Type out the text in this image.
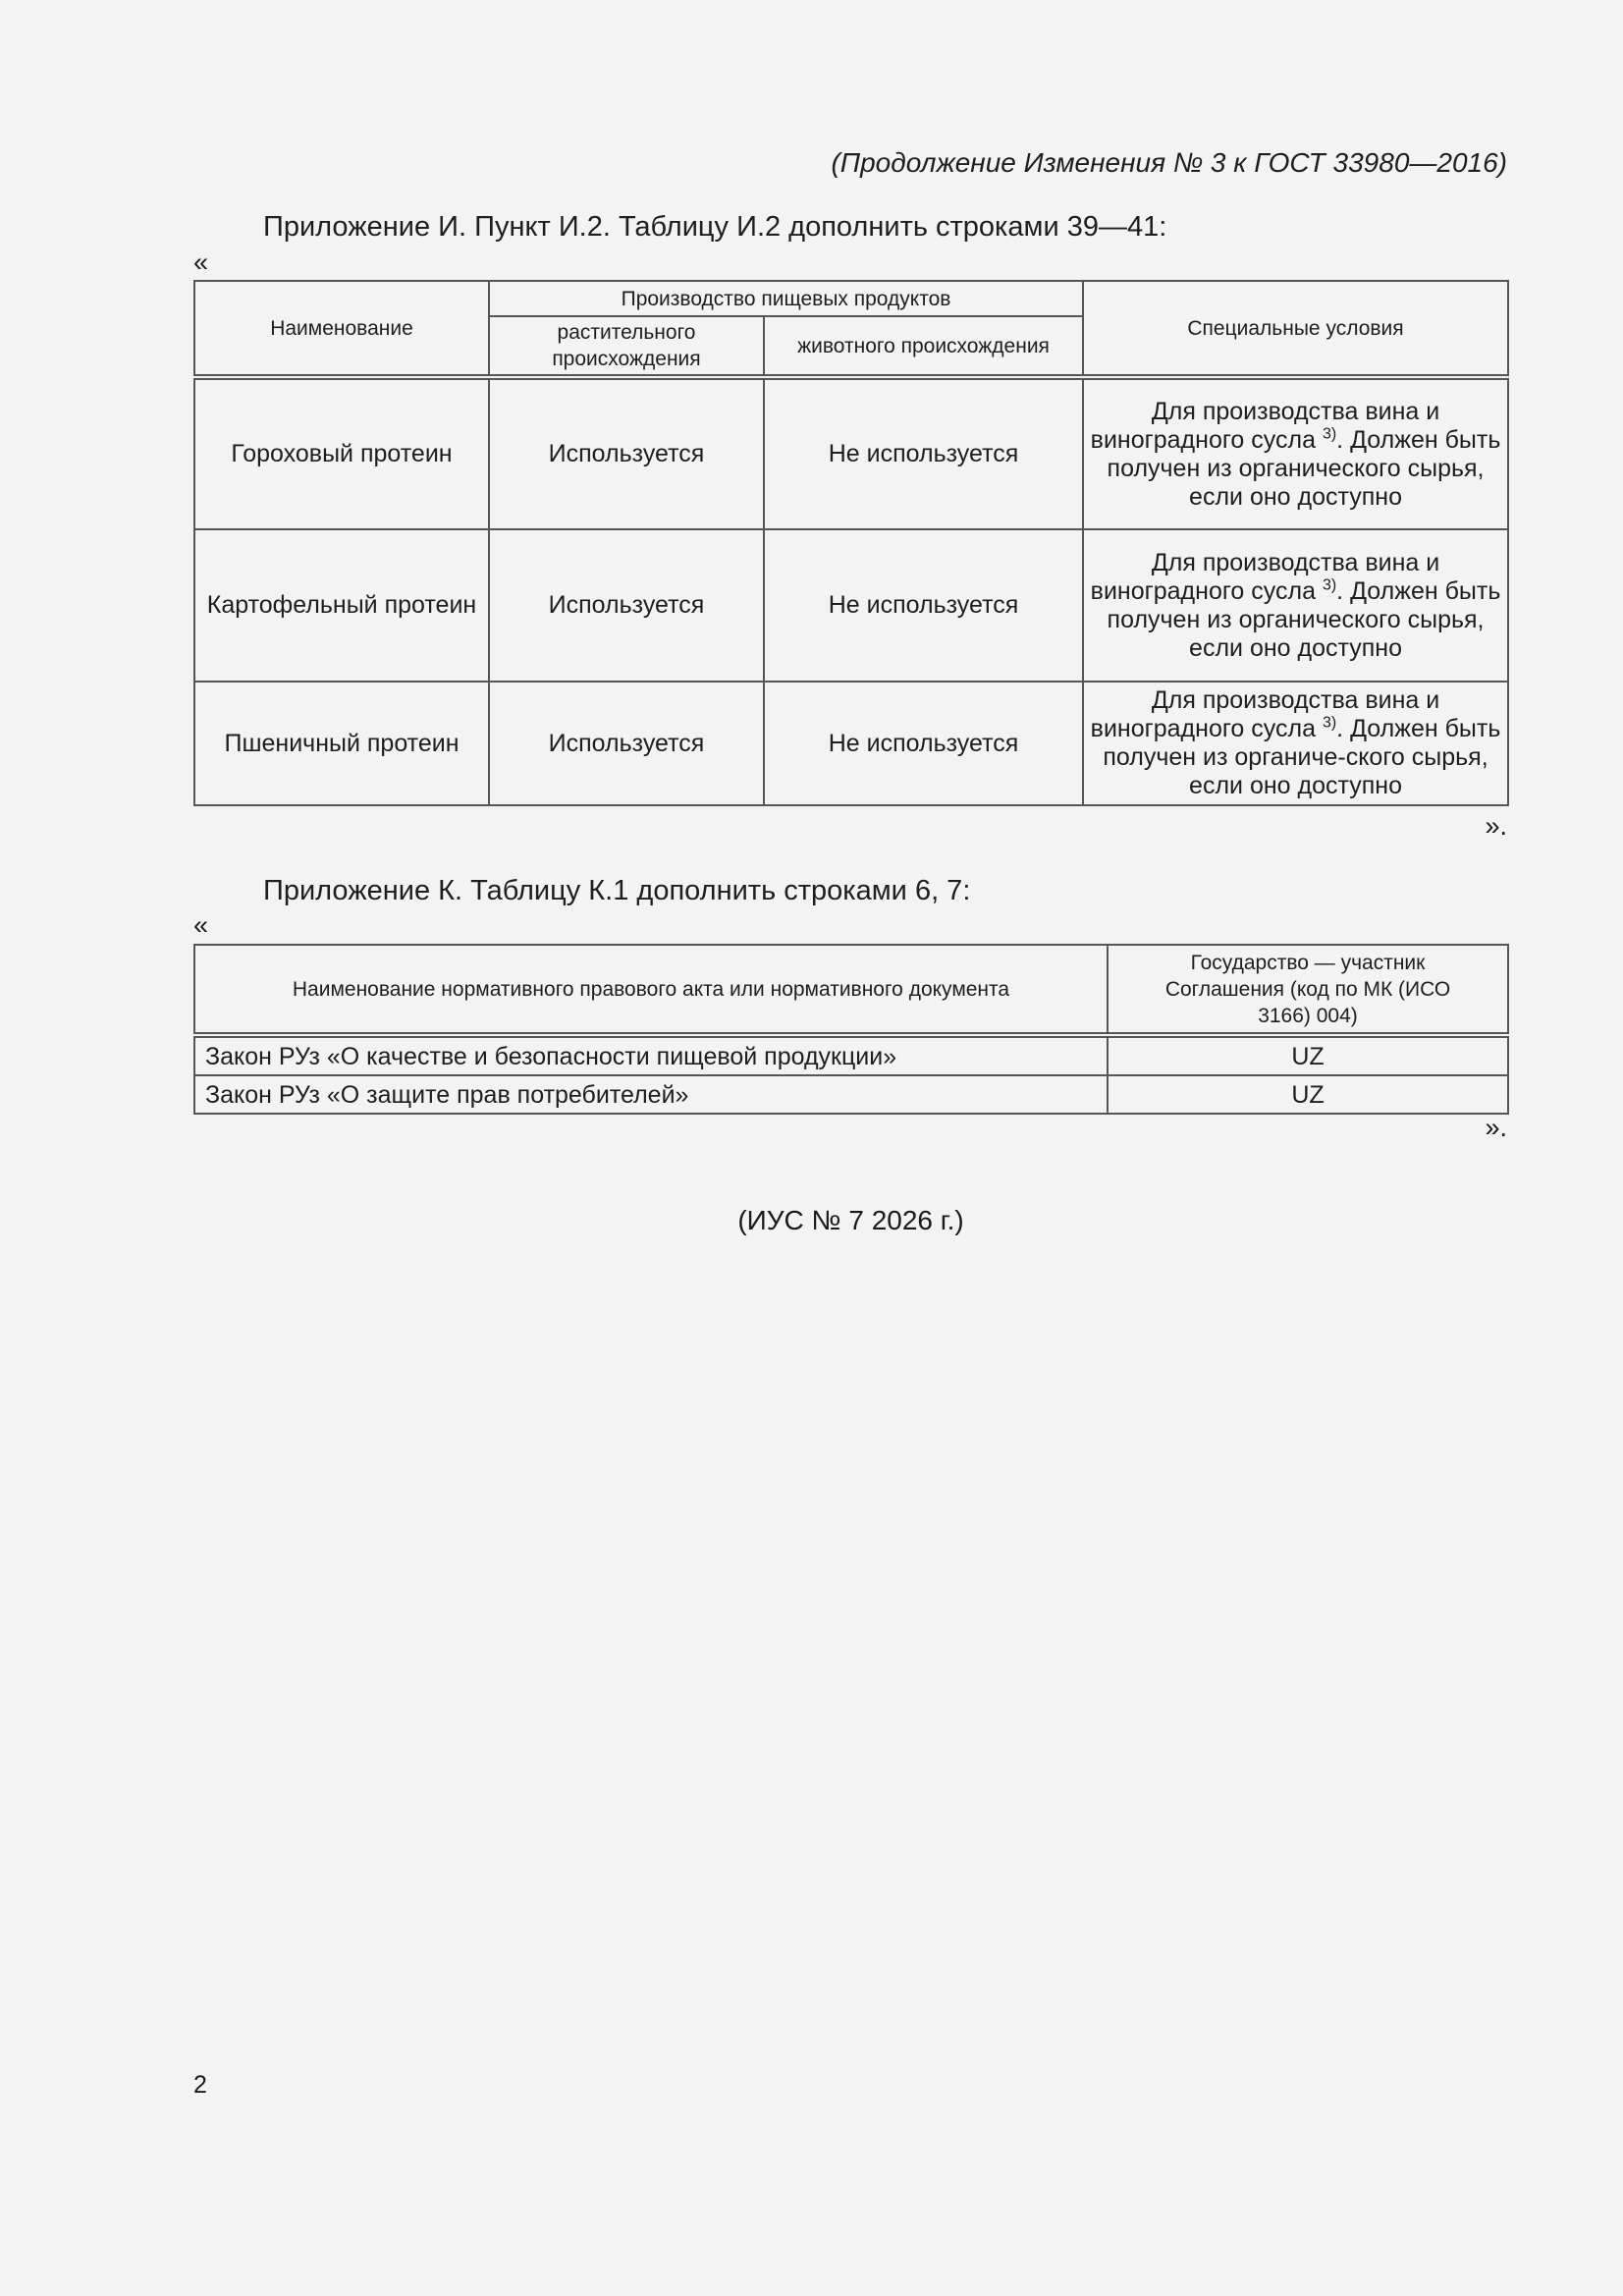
(Продолжение Изменения № 3 к ГОСТ 33980—2016)
Приложение И. Пункт И.2. Таблицу И.2 дополнить строками 39—41:
«
Наименование	Производство пищевых продуктов		Специальные условия
	растительного происхождения	животного происхождения	
Гороховый протеин	Используется	Не используется	Для производства вина и виноградного сусла $^{3)}$. Должен быть получен из органического сырья, если оно доступно
Картофельный протеин	Используется	Не используется	Для производства вина и виноградного сусла $^{3)}$. Должен быть получен из органического сырья, если оно доступно
Пшеничный протеин	Используется	Не используется	Для производства вина и виноградного сусла $^{3)}$. Должен быть получен из органиче-ского сырья, если оно доступно
».
Приложение К. Таблицу К.1 дополнить строками 6, 7:
«
Наименование нормативного правового акта или нормативного документа	Государство — участник Соглашения (код по МК (ИСО 3166) 004)
Закон РУз «О качестве и безопасности пищевой продукции»	UZ
Закон РУз «О защите прав потребителей»	UZ
».
(ИУС № 7 2026 г.)
2
